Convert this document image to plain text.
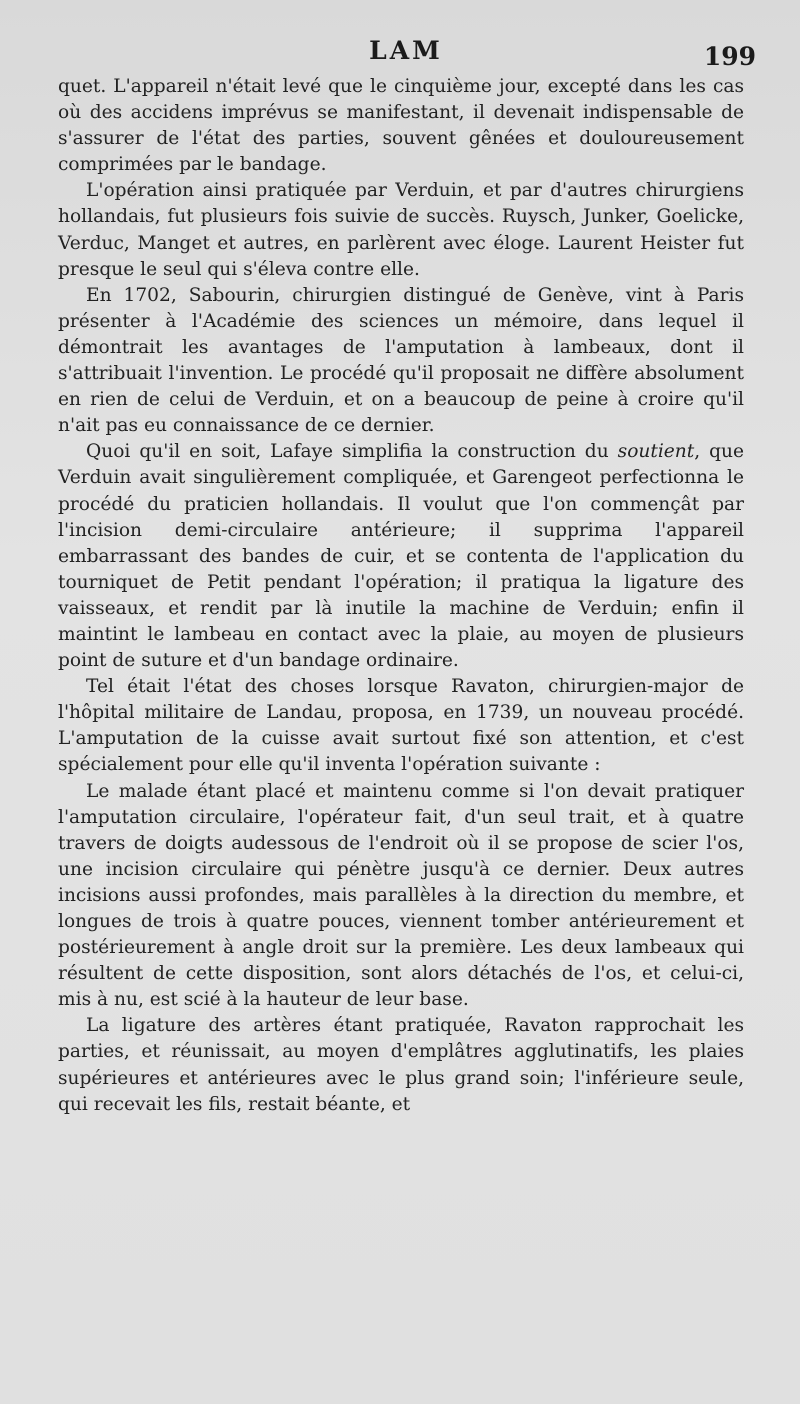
LAM	199

quet. L'appareil n'était levé que le cinquième jour, excepté dans les cas où des accidens imprévus se manifestant, il devenait indispensable de s'assurer de l'état des parties, souvent gênées et douloureusement comprimées par le bandage.

L'opération ainsi pratiquée par Verduin, et par d'autres chirurgiens hollandais, fut plusieurs fois suivie de succès. Ruysch, Junker, Goelicke, Verduc, Manget et autres, en parlèrent avec éloge. Laurent Heister fut presque le seul qui s'éleva contre elle.

En 1702, Sabourin, chirurgien distingué de Genève, vint à Paris présenter à l'Académie des sciences un mémoire, dans lequel il démontrait les avantages de l'amputation à lambeaux, dont il s'attribuait l'invention. Le procédé qu'il proposait ne diffère absolument en rien de celui de Verduin, et on a beaucoup de peine à croire qu'il n'ait pas eu connaissance de ce dernier.

Quoi qu'il en soit, Lafaye simplifia la construction du soutient, que Verduin avait singulièrement compliquée, et Garengeot perfectionna le procédé du praticien hollandais. Il voulut que l'on commençât par l'incision demi-circulaire antérieure; il supprima l'appareil embarrassant des bandes de cuir, et se contenta de l'application du tourniquet de Petit pendant l'opération; il pratiqua la ligature des vaisseaux, et rendit par là inutile la machine de Verduin; enfin il maintint le lambeau en contact avec la plaie, au moyen de plusieurs point de suture et d'un bandage ordinaire.

Tel était l'état des choses lorsque Ravaton, chirurgien-major de l'hôpital militaire de Landau, proposa, en 1739, un nouveau procédé. L'amputation de la cuisse avait surtout fixé son attention, et c'est spécialement pour elle qu'il inventa l'opération suivante :

Le malade étant placé et maintenu comme si l'on devait pratiquer l'amputation circulaire, l'opérateur fait, d'un seul trait, et à quatre travers de doigts audessous de l'endroit où il se propose de scier l'os, une incision circulaire qui pénètre jusqu'à ce dernier. Deux autres incisions aussi profondes, mais parallèles à la direction du membre, et longues de trois à quatre pouces, viennent tomber antérieurement et postérieurement à angle droit sur la première. Les deux lambeaux qui résultent de cette disposition, sont alors détachés de l'os, et celui-ci, mis à nu, est scié à la hauteur de leur base.

La ligature des artères étant pratiquée, Ravaton rapprochait les parties, et réunissait, au moyen d'emplâtres agglutinatifs, les plaies supérieures et antérieures avec le plus grand soin; l'inférieure seule, qui recevait les fils, restait béante, et
